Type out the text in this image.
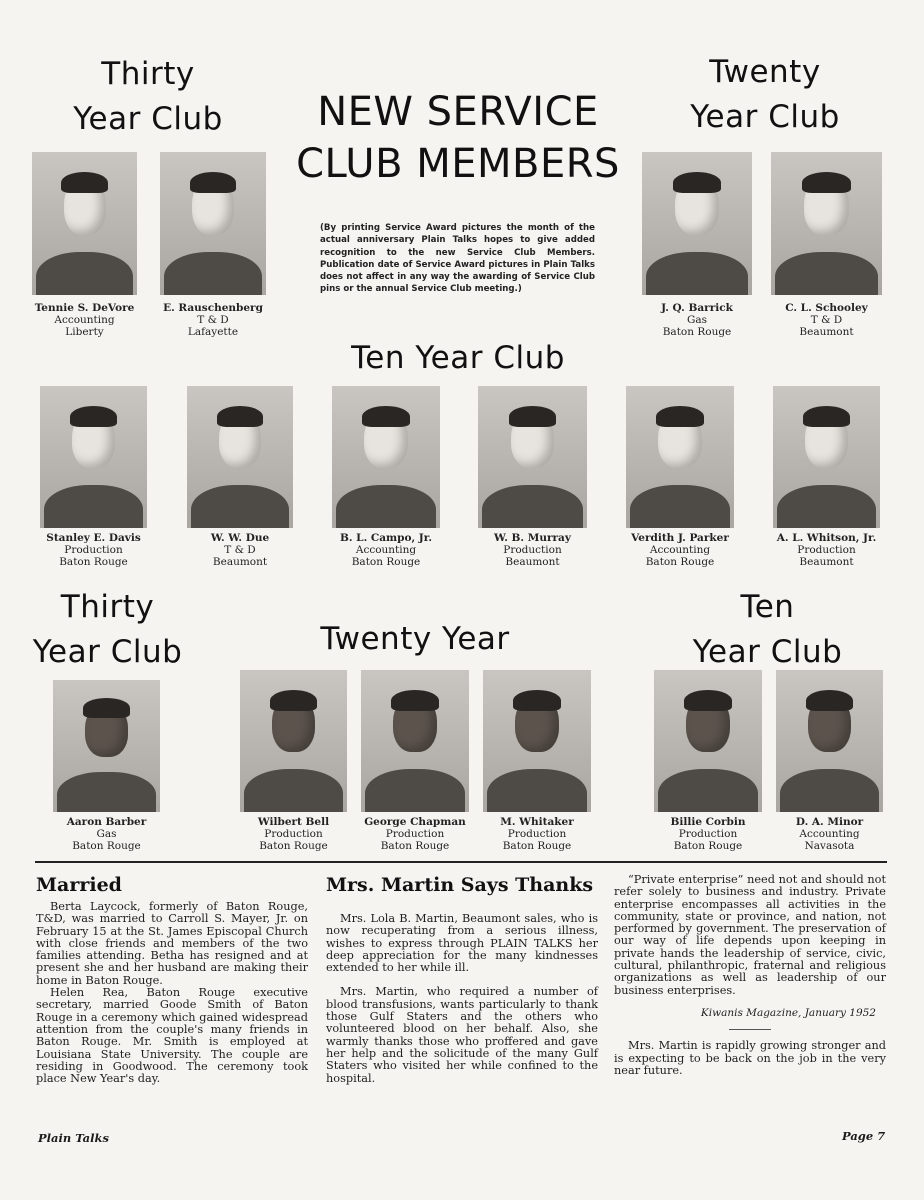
Thirty
Year Club
Twenty
Year Club
Ten Year Club
Thirty
Year Club	Twenty Year
Ten
Year Club
NEW SERVICE
CLUB MEMBERS
(By printing Service Award pictures the month of the actual anniversary Plain Talks hopes to give added recognition to the new Service Club Members. Publication date of Service Award pictures in Plain Talks does not affect in any way the awarding of Service Club pins or the annual Service Club meeting.)
Tennie S. DeVore
Accounting
Liberty
E. Rauschenberg
T & D
Lafayette
J. Q. Barrick
Gas
Baton Rouge
C. L. Schooley
T & D
Beaumont
Stanley E. Davis
Production
Baton Rouge
W. W. Due
T & D
Beaumont
B. L. Campo, Jr.
Accounting
Baton Rouge
W. B. Murray
Production
Beaumont
Verdith J. Parker
Accounting
Baton Rouge
A. L. Whitson, Jr.
Production
Beaumont
Aaron Barber
Gas
Baton Rouge
Wilbert Bell
Production
Baton Rouge
George Chapman
Production
Baton Rouge
M. Whitaker
Production
Baton Rouge
Billie Corbin
Production
Baton Rouge
D. A. Minor
Accounting
Navasota
Married

Berta Laycock, formerly of Baton Rouge, T&D, was married to Carroll S. Mayer, Jr. on February 15 at the St. James Episcopal Church with close friends and members of the two families attending. Betha has resigned and at present she and her husband are making their home in Baton Rouge.

Helen Rea, Baton Rouge executive secretary, married Goode Smith of Baton Rouge in a ceremony which gained widespread attention from the couple's many friends in Baton Rouge. Mr. Smith is employed at Louisiana State University. The couple are residing in Goodwood. The ceremony took place New Year's day.

Mrs. Martin Says Thanks

Mrs. Lola B. Martin, Beaumont sales, who is now recuperating from a serious illness, wishes to express through PLAIN TALKS her deep appreciation for the many kindnesses extended to her while ill.

Mrs. Martin, who required a number of blood transfusions, wants particularly to thank those Gulf Staters and the others who volunteered blood on her behalf. Also, she warmly thanks those who proffered and gave her help and the solicitude of the many Gulf Staters who visited her while confined to the hospital.

“Private enterprise” need not and should not refer solely to business and industry. Private enterprise encompasses all activities in the community, state or province, and nation, not performed by government. The preservation of our way of life depends upon keeping in private hands the leadership of service, civic, cultural, philanthropic, fraternal and religious organizations as well as leadership of our business enterprises.

Kiwanis Magazine, January 1952

Mrs. Martin is rapidly growing stronger and is expecting to be back on the job in the very near future.

Plain Talks	Page 7
